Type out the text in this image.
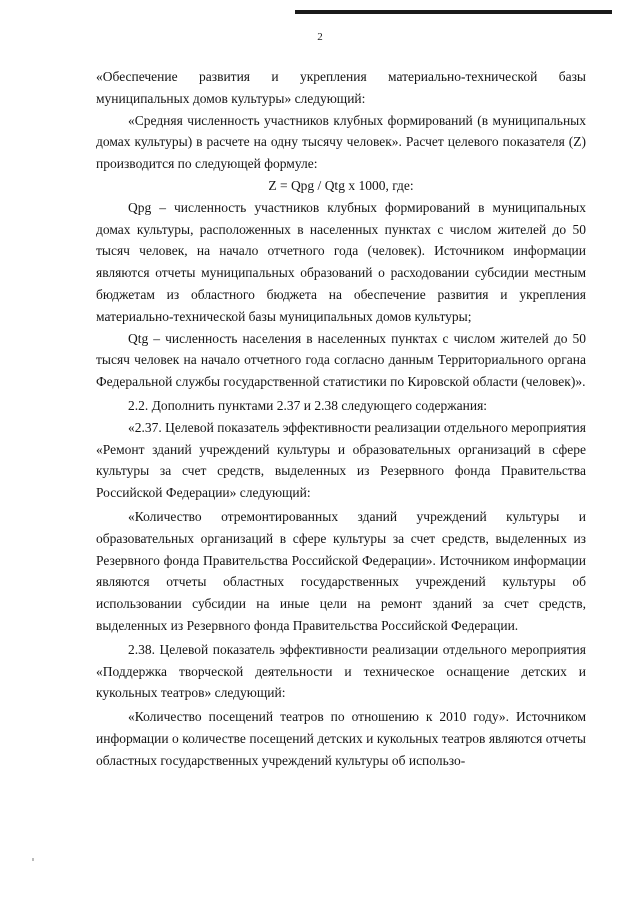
2

«Обеспечение развития и укрепления материально-технической базы муниципальных домов культуры» следующий:

«Средняя численность участников клубных формирований (в муниципальных домах культуры) в расчете на одну тысячу человек». Расчет целевого показателя (Z) производится по следующей формуле:

Z = Qpg / Qtg x 1000, где:

Qpg – численность участников клубных формирований в муниципальных домах культуры, расположенных в населенных пунктах с числом жителей до 50 тысяч человек, на начало отчетного года (человек). Источником информации являются отчеты муниципальных образований о расходовании субсидии местным бюджетам из областного бюджета на обеспечение развития и укрепления материально-технической базы муниципальных домов культуры;

Qtg – численность населения в населенных пунктах с числом жителей до 50 тысяч человек на начало отчетного года согласно данным Территориального органа Федеральной службы государственной статистики по Кировской области (человек)».

2.2. Дополнить пунктами 2.37 и 2.38 следующего содержания:

«2.37. Целевой показатель эффективности реализации отдельного мероприятия «Ремонт зданий учреждений культуры и образовательных организаций в сфере культуры за счет средств, выделенных из Резервного фонда Правительства Российской Федерации» следующий:

«Количество отремонтированных зданий учреждений культуры и образовательных организаций в сфере культуры за счет средств, выделенных из Резервного фонда Правительства Российской Федерации». Источником информации являются отчеты областных государственных учреждений культуры об использовании субсидии на иные цели на ремонт зданий за счет средств, выделенных из Резервного фонда Правительства Российской Федерации.

2.38. Целевой показатель эффективности реализации отдельного мероприятия «Поддержка творческой деятельности и техническое оснащение детских и кукольных театров» следующий:

«Количество посещений театров по отношению к 2010 году». Источником информации о количестве посещений детских и кукольных театров являются отчеты областных государственных учреждений культуры об использо-
